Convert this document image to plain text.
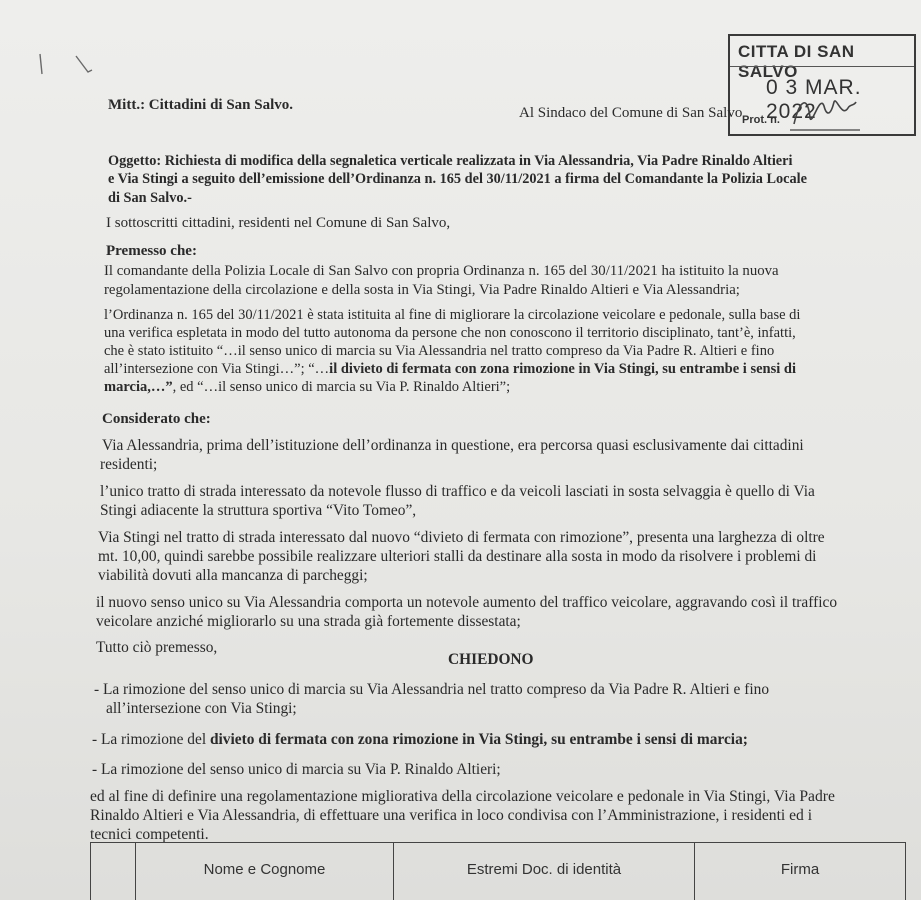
CITTA DI SAN SALVO
0 3 MAR. 2022
Prot. n.
Mitt.: Cittadini di San Salvo.	Al Sindaco del Comune di San Salvo
Oggetto: Richiesta di modifica della segnaletica verticale realizzata in Via Alessandria, Via Padre Rinaldo Altieri
e Via Stingi a seguito dell’emissione dell’Ordinanza n. 165 del 30/11/2021 a firma del Comandante la Polizia Locale
di San Salvo.-
I sottoscritti cittadini, residenti nel Comune di San Salvo,
Premesso che:
Il comandante della Polizia Locale di San Salvo con propria Ordinanza n. 165 del 30/11/2021 ha istituito la nuova
regolamentazione della circolazione e della sosta in Via Stingi, Via Padre Rinaldo Altieri e Via Alessandria;
l’Ordinanza n. 165 del 30/11/2021 è stata istituita al fine di migliorare la circolazione veicolare e pedonale, sulla base di
una verifica espletata in modo del tutto autonoma da persone che non conoscono il territorio disciplinato, tant’è, infatti,
che è stato istituito “…il senso unico di marcia su Via Alessandria nel tratto compreso da Via Padre R. Altieri e fino
all’intersezione con Via Stingi…”; “…il divieto di fermata con zona rimozione in Via Stingi, su entrambe i sensi di
marcia,…”, ed “…il senso unico di marcia su Via P. Rinaldo Altieri”;
Considerato che:
Via Alessandria, prima dell’istituzione dell’ordinanza in questione, era percorsa quasi esclusivamente dai cittadini
residenti;
l’unico tratto di strada interessato da notevole flusso di traffico e da veicoli lasciati in sosta selvaggia è quello di Via
Stingi adiacente la struttura sportiva “Vito Tomeo”,
Via Stingi nel tratto di strada interessato dal nuovo “divieto di fermata con rimozione”, presenta una larghezza di oltre
mt. 10,00, quindi sarebbe possibile realizzare ulteriori stalli da destinare alla sosta in modo da risolvere i problemi di
viabilità dovuti alla mancanza di parcheggi;
il nuovo senso unico su Via Alessandria comporta un notevole aumento del traffico veicolare, aggravando così il traffico
veicolare anziché migliorarlo su una strada già fortemente dissestata;
Tutto ciò premesso,
CHIEDONO
- La rimozione del senso unico di marcia su Via Alessandria nel tratto compreso da Via Padre R. Altieri e fino
all’intersezione con Via Stingi;
- La rimozione del divieto di fermata con zona rimozione in Via Stingi, su entrambe i sensi di marcia;
- La rimozione del senso unico di marcia su Via P. Rinaldo Altieri;
ed al fine di definire una regolamentazione migliorativa della circolazione veicolare e pedonale in Via Stingi, Via Padre
Rinaldo Altieri e Via Alessandria, di effettuare una verifica in loco condivisa con l’Amministrazione, i residenti ed i
tecnici competenti.
	Nome e Cognome	Estremi Doc. di identità	Firma
